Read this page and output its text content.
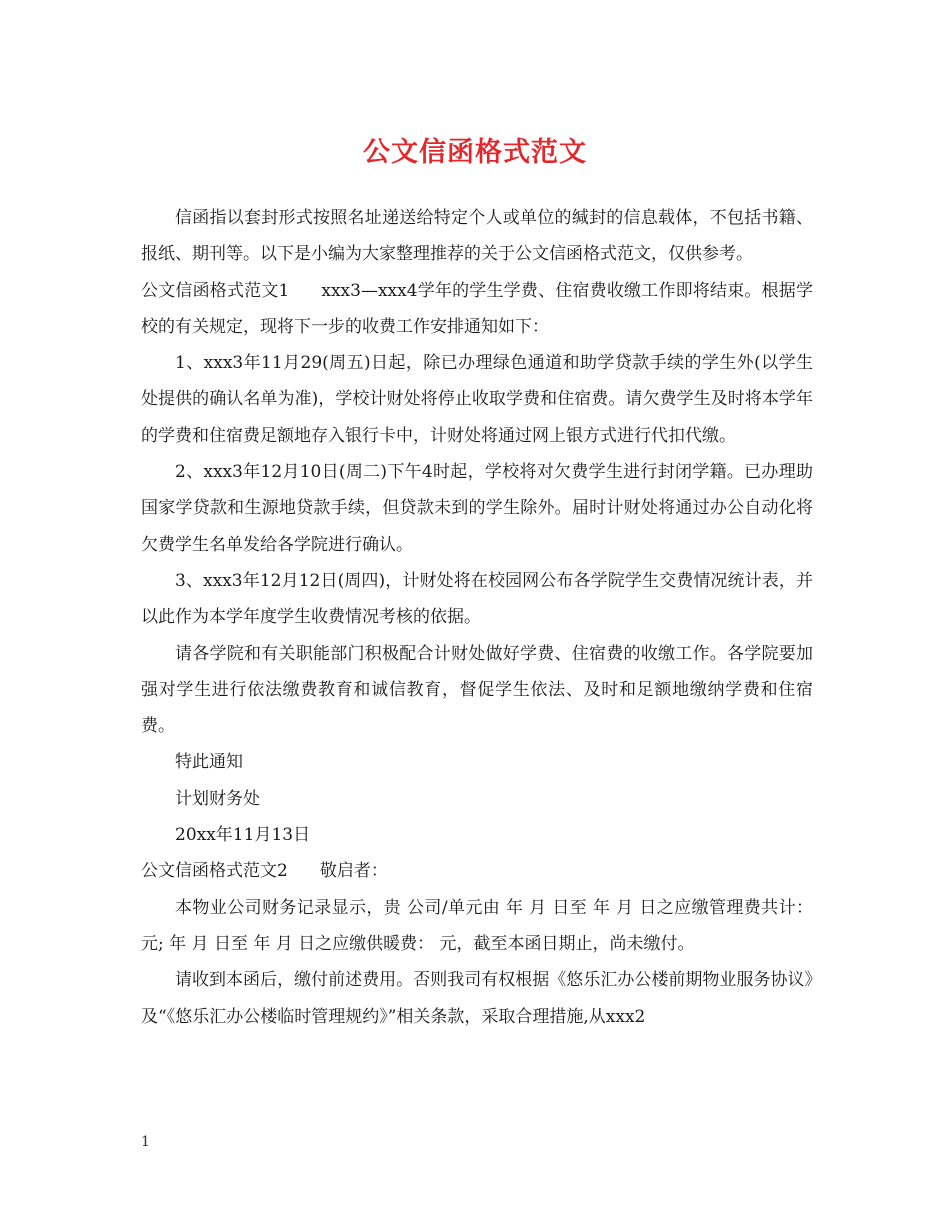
公文信函格式范文

信函指以套封形式按照名址递送给特定个人或单位的缄封的信息载体，不包括书籍、报纸、期刊等。以下是小编为大家整理推荐的关于公文信函格式范文，仅供参考。

公文信函格式范文1 xxx3—xxx4学年的学生学费、住宿费收缴工作即将结束。根据学校的有关规定，现将下一步的收费工作安排通知如下：

1、xxx3年11月29(周五)日起，除已办理绿色通道和助学贷款手续的学生外(以学生处提供的确认名单为准)，学校计财处将停止收取学费和住宿费。请欠费学生及时将本学年的学费和住宿费足额地存入银行卡中，计财处将通过网上银方式进行代扣代缴。

2、xxx3年12月10日(周二)下午4时起，学校将对欠费学生进行封闭学籍。已办理助国家学贷款和生源地贷款手续，但贷款未到的学生除外。届时计财处将通过办公自动化将欠费学生名单发给各学院进行确认。

3、xxx3年12月12日(周四)，计财处将在校园网公布各学院学生交费情况统计表，并以此作为本学年度学生收费情况考核的依据。

请各学院和有关职能部门积极配合计财处做好学费、住宿费的收缴工作。各学院要加强对学生进行依法缴费教育和诚信教育，督促学生依法、及时和足额地缴纳学费和住宿费。

特此通知

计划财务处

20xx年11月13日

公文信函格式范文2 敬启者：

本物业公司财务记录显示，贵 公司/单元由 年 月 日至 年 月 日之应缴管理费共计： 元; 年 月 日至 年 月 日之应缴供暖费： 元，截至本函日期止，尚未缴付。

请收到本函后，缴付前述费用。否则我司有权根据《悠乐汇办公楼前期物业服务协议》及“《悠乐汇办公楼临时管理规约》”相关条款，采取合理措施,从xxx2

1
